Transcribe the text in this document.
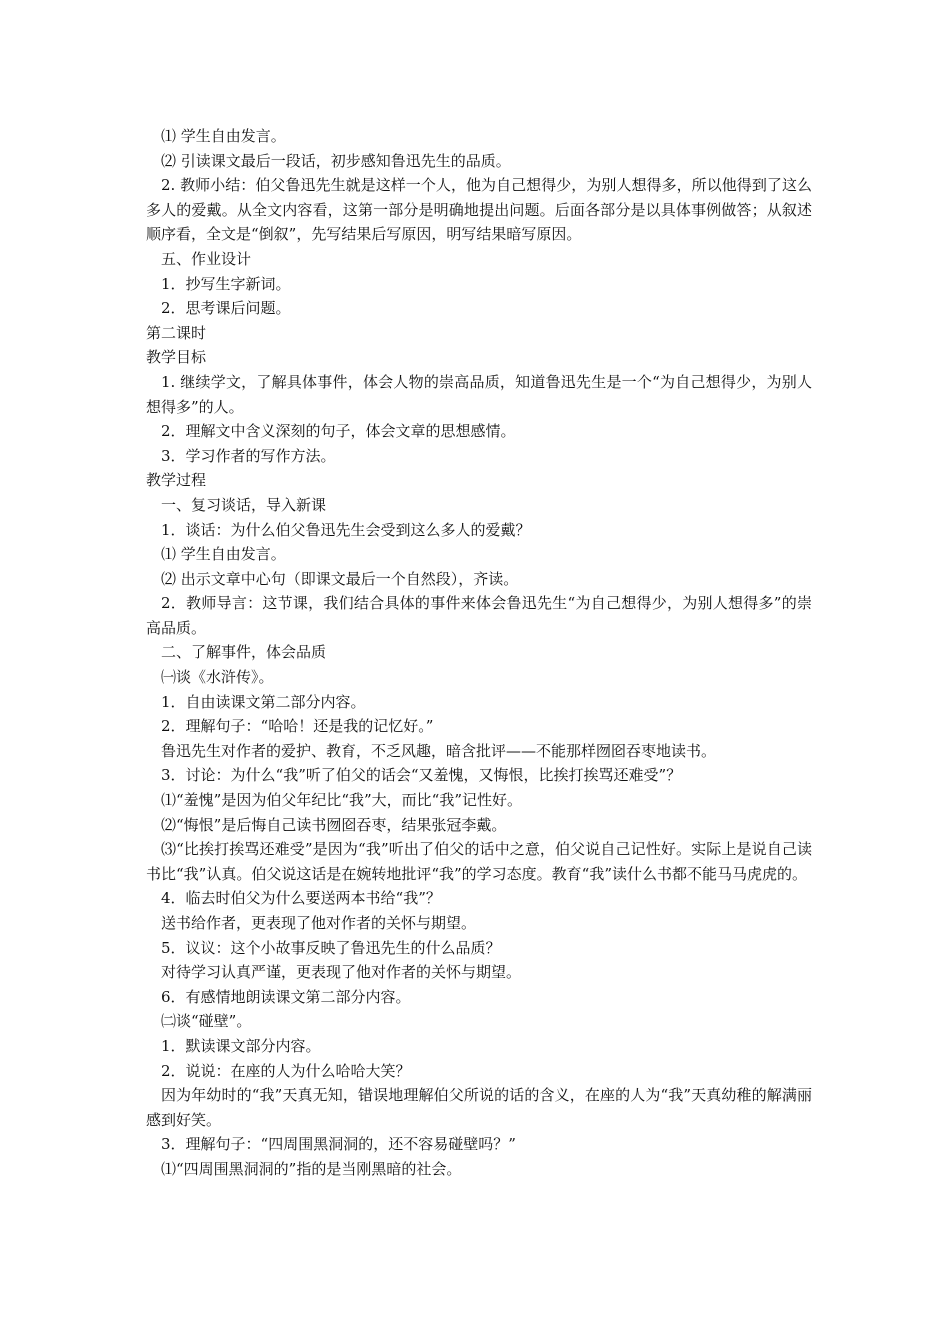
⑴ 学生自由发言。

⑵ 引读课文最后一段话，初步感知鲁迅先生的品质。

2. 教师小结：伯父鲁迅先生就是这样一个人，他为自己想得少，为别人想得多，所以他得到了这么多人的爱戴。从全文内容看，这第一部分是明确地提出问题。后面各部分是以具体事例做答；从叙述顺序看，全文是“倒叙”，先写结果后写原因，明写结果暗写原因。

五、作业设计

1．抄写生字新词。

2．思考课后问题。

第二课时

教学目标

1. 继续学文，了解具体事件，体会人物的崇高品质，知道鲁迅先生是一个“为自己想得少，为别人想得多”的人。

2．理解文中含义深刻的句子，体会文章的思想感情。

3．学习作者的写作方法。

教学过程

一、复习谈话，导入新课

1．谈话：为什么伯父鲁迅先生会受到这么多人的爱戴？

⑴ 学生自由发言。

⑵ 出示文章中心句（即课文最后一个自然段），齐读。

2．教师导言：这节课，我们结合具体的事件来体会鲁迅先生“为自己想得少，为别人想得多”的崇高品质。

二、了解事件，体会品质

㈠谈《水浒传》。

1．自由读课文第二部分内容。

2．理解句子：“哈哈！还是我的记忆好。”

鲁迅先生对作者的爱护、教育，不乏风趣，暗含批评——不能那样囫囵吞枣地读书。

3．讨论：为什么“我”听了伯父的话会“又羞愧，又悔恨，比挨打挨骂还难受”？

⑴“羞愧”是因为伯父年纪比“我”大，而比“我”记性好。

⑵“悔恨”是后悔自己读书囫囵吞枣，结果张冠李戴。

⑶“比挨打挨骂还难受”是因为“我”听出了伯父的话中之意，伯父说自己记性好。实际上是说自己读书比“我”认真。伯父说这话是在婉转地批评“我”的学习态度。教育“我”读什么书都不能马马虎虎的。

4．临去时伯父为什么要送两本书给“我”？

送书给作者，更表现了他对作者的关怀与期望。

5．议议：这个小故事反映了鲁迅先生的什么品质？

对待学习认真严谨，更表现了他对作者的关怀与期望。

6．有感情地朗读课文第二部分内容。

㈡谈“碰壁”。

1．默读课文部分内容。

2．说说：在座的人为什么哈哈大笑？

因为年幼时的“我”天真无知，错误地理解伯父所说的话的含义，在座的人为“我”天真幼稚的解满丽感到好笑。

3．理解句子：“四周围黑洞洞的，还不容易碰壁吗？”

⑴“四周围黑洞洞的”指的是当刚黑暗的社会。
